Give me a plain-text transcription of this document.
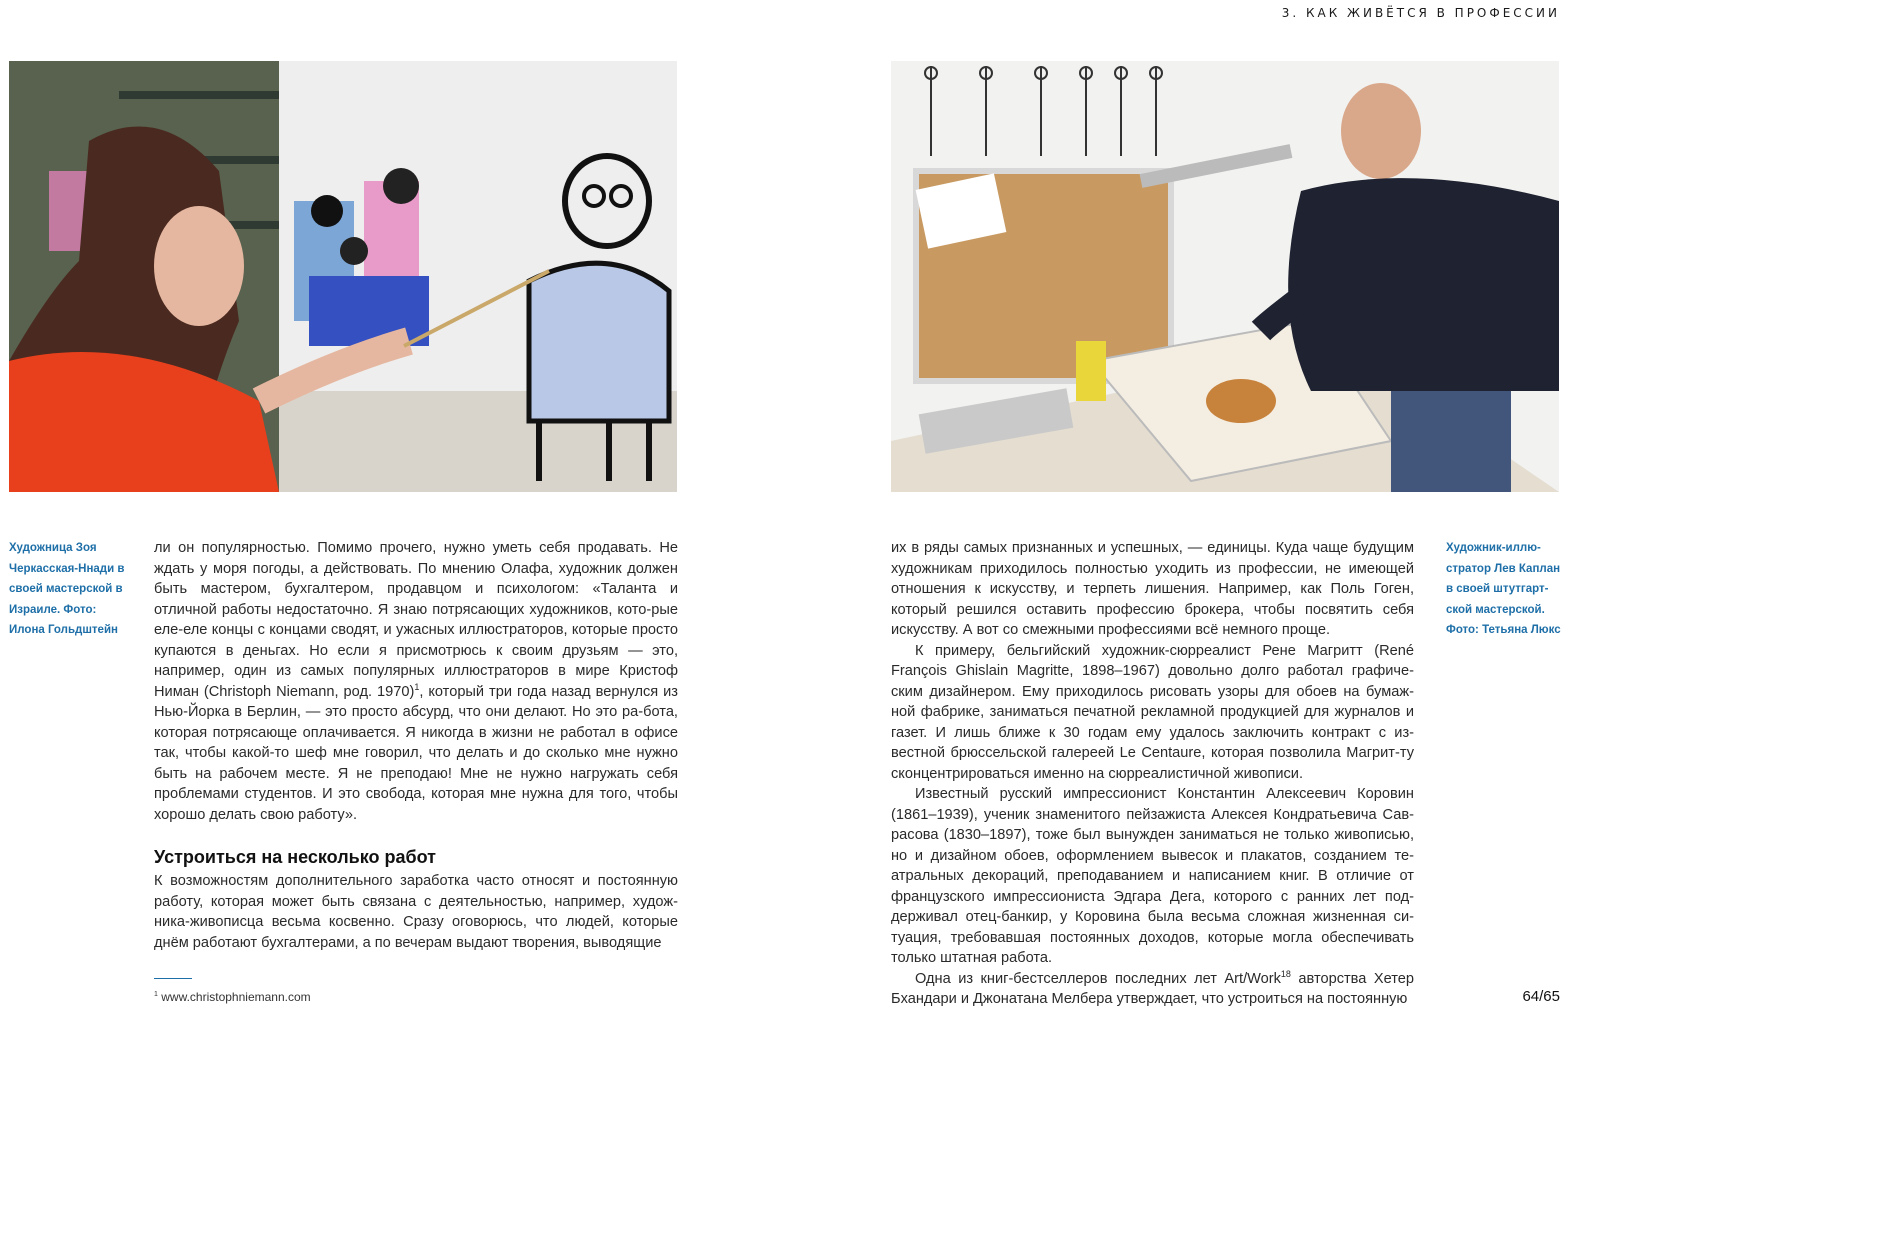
3. КАК ЖИВЁТСЯ В ПРОФЕССИИ
Художница Зоя Черкасская-Ннади в своей мастерской в Израиле. Фото: Илона Гольдштейн
Художник-иллю-стратор Лев Каплан в своей штутгарт-ской мастерской. Фото: Тетьяна Люкс

ли он популярностью. Помимо прочего, нужно уметь себя продавать. Не ждать у моря погоды, а действовать. По мнению Олафа, художник должен быть мастером, бухгалтером, продавцом и психологом: «Таланта и отличной работы недостаточно. Я знаю потрясающих художников, кото-рые еле-еле концы с концами сводят, и ужасных иллюстраторов, которые просто купаются в деньгах. Но если я присмотрюсь к своим друзьям — это, например, один из самых популярных иллюстраторов в мире Кристоф Ниман (Christoph Niemann, род. 1970)$^1$, который три года назад вернулся из Нью-Йорка в Берлин, — это просто абсурд, что они делают. Но это ра-бота, которая потрясающе оплачивается. Я никогда в жизни не работал в офисе так, чтобы какой-то шеф мне говорил, что делать и до сколько мне нужно быть на рабочем месте. Я не преподаю! Мне не нужно нагружать себя проблемами студентов. И это свобода, которая мне нужна для того, чтобы хорошо делать свою работу».

Устроиться на несколько работ

К возможностям дополнительного заработка часто относят и постоянную работу, которая может быть связана с деятельностью, например, худож-ника-живописца весьма косвенно. Сразу оговорюсь, что людей, которые днём работают бухгалтерами, а по вечерам выдают творения, выводящие

их в ряды самых признанных и успешных, — единицы. Куда чаще будущим художникам приходилось полностью уходить из профессии, не имеющей отношения к искусству, и терпеть лишения. Например, как Поль Гоген, который решился оставить профессию брокера, чтобы посвятить себя искусству. А вот со смежными профессиями всё немного проще.

К примеру, бельгийский художник-сюрреалист Рене Магритт (René François Ghislain Magritte, 1898–1967) довольно долго работал графиче-ским дизайнером. Ему приходилось рисовать узоры для обоев на бумаж-ной фабрике, заниматься печатной рекламной продукцией для журналов и газет. И лишь ближе к 30 годам ему удалось заключить контракт с из-вестной брюссельской галереей Le Centaure, которая позволила Магрит-ту сконцентрироваться именно на сюрреалистичной живописи.

Известный русский импрессионист Константин Алексеевич Коровин (1861–1939), ученик знаменитого пейзажиста Алексея Кондратьевича Сав-расова (1830–1897), тоже был вынужден заниматься не только живописью, но и дизайном обоев, оформлением вывесок и плакатов, созданием те-атральных декораций, преподаванием и написанием книг. В отличие от французского импрессиониста Эдгара Дега, которого с ранних лет под-держивал отец-банкир, у Коровина была весьма сложная жизненная си-туация, требовавшая постоянных доходов, которые могла обеспечивать только штатная работа.

Одна из книг-бестселлеров последних лет Art/Work$^{18}$ авторства Хетер Бхандари и Джонатана Мелбера утверждает, что устроиться на постоянную

$^1$ www.christophniemann.com	64/65
